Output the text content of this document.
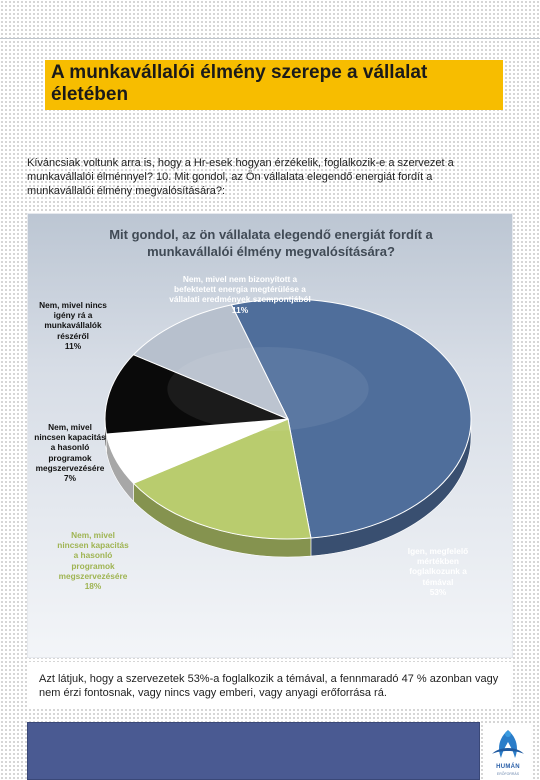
A munkavállalói élmény szerepe a vállalat életében
Kíváncsiak voltunk arra is, hogy a Hr-esek hogyan érzékelik, foglalkozik-e a szervezet a munkavállalói élménnyel? 10. Mit gondol, az Ön vállalata elegendő energiát fordít a munkavállalói élmény megvalósítására?:
Mit gondol, az ön vállalata elegendő energiát fordít a munkavállalói élmény megvalósítására?
Nem, mivel nem bizonyított a
befektetett energia megtérülése a
vállalati eredmények szempontjából
11%
Nem, mivel nincs
igény rá a
munkavállalók
részéről
11%
Nem, mivel
nincsen kapacitás
a hasonló
programok
megszervezésére
7%
Nem, mivel
nincsen kapacitás
a hasonló
programok
megszervezésére
18%
Igen, megfelelő
mértékben
foglalkozunk a
témával
53%
Azt látjuk, hogy a szervezetek 53%-a foglalkozik a témával, a fennmaradó 47 % azonban vagy nem érzi fontosnak, vagy nincs vagy emberi, vagy anyagi erőforrása rá.
HUMÁN
ERŐFORRÁS
